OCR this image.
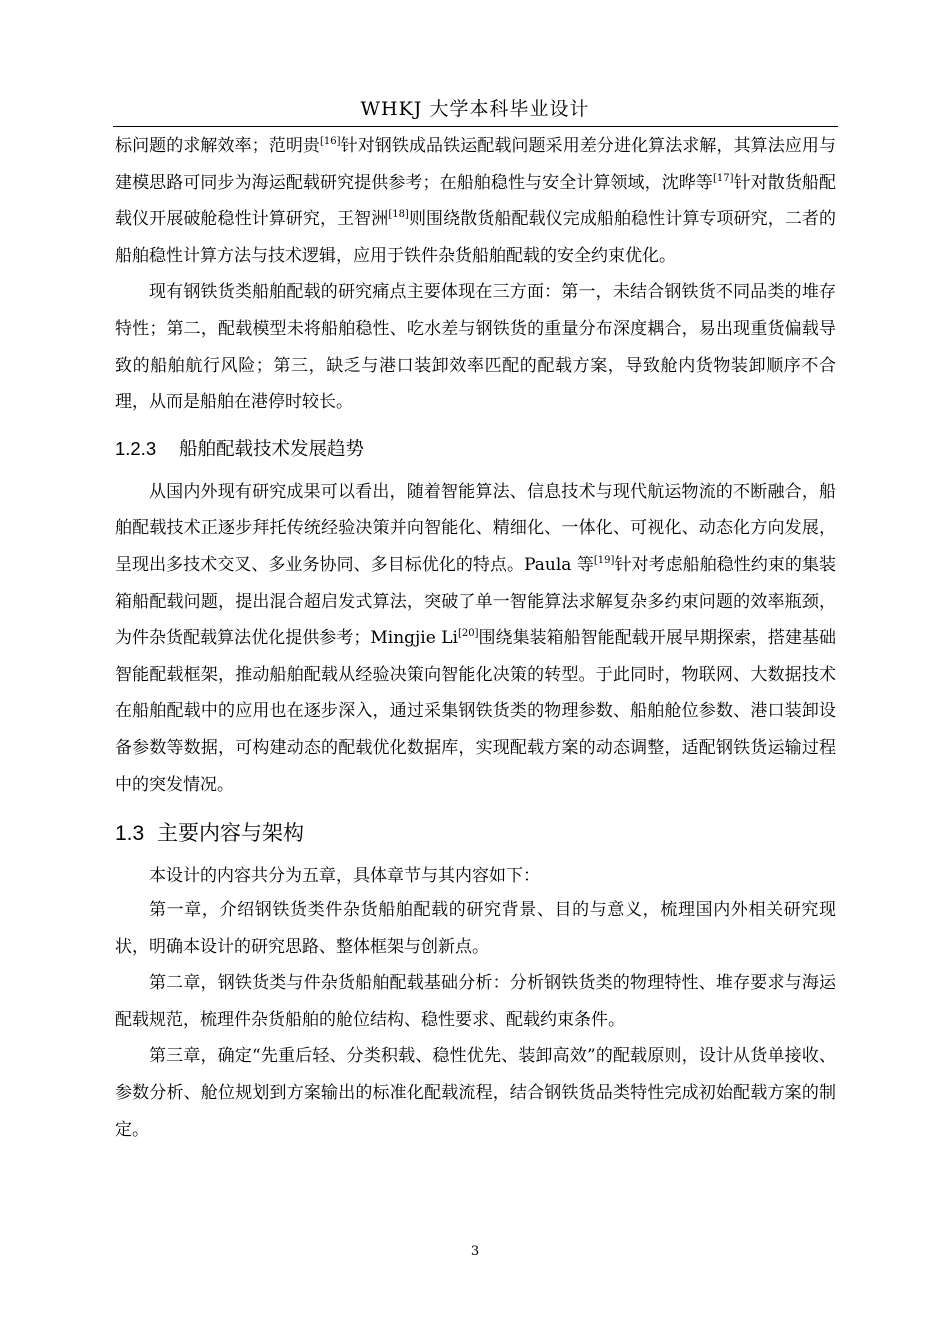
WHKJ 大学本科毕业设计

标问题的求解效率；范明贵[16]针对钢铁成品铁运配载问题采用差分进化算法求解，其算法应用与建模思路可同步为海运配载研究提供参考；在船舶稳性与安全计算领域，沈晔等[17]针对散货船配载仪开展破舱稳性计算研究，王智洲[18]则围绕散货船配载仪完成船舶稳性计算专项研究，二者的船舶稳性计算方法与技术逻辑，应用于铁件杂货船舶配载的安全约束优化。

现有钢铁货类船舶配载的研究痛点主要体现在三方面：第一，未结合钢铁货不同品类的堆存特性；第二，配载模型未将船舶稳性、吃水差与钢铁货的重量分布深度耦合，易出现重货偏载导致的船舶航行风险；第三，缺乏与港口装卸效率匹配的配载方案，导致舱内货物装卸顺序不合理，从而是船舶在港停时较长。

1.2.3 船舶配载技术发展趋势

从国内外现有研究成果可以看出，随着智能算法、信息技术与现代航运物流的不断融合，船舶配载技术正逐步拜托传统经验决策并向智能化、精细化、一体化、可视化、动态化方向发展，呈现出多技术交叉、多业务协同、多目标优化的特点。Paula 等[19]针对考虑船舶稳性约束的集装箱船配载问题，提出混合超启发式算法，突破了单一智能算法求解复杂多约束问题的效率瓶颈，为件杂货配载算法优化提供参考；Mingjie Li[20]围绕集装箱船智能配载开展早期探索，搭建基础智能配载框架，推动船舶配载从经验决策向智能化决策的转型。于此同时，物联网、大数据技术在船舶配载中的应用也在逐步深入，通过采集钢铁货类的物理参数、船舶舱位参数、港口装卸设备参数等数据，可构建动态的配载优化数据库，实现配载方案的动态调整，适配钢铁货运输过程中的突发情况。

1.3 主要内容与架构

本设计的内容共分为五章，具体章节与其内容如下：

第一章，介绍钢铁货类件杂货船舶配载的研究背景、目的与意义，梳理国内外相关研究现状，明确本设计的研究思路、整体框架与创新点。

第二章，钢铁货类与件杂货船舶配载基础分析：分析钢铁货类的物理特性、堆存要求与海运配载规范，梳理件杂货船舶的舱位结构、稳性要求、配载约束条件。

第三章，确定“先重后轻、分类积载、稳性优先、装卸高效”的配载原则，设计从货单接收、参数分析、舱位规划到方案输出的标准化配载流程，结合钢铁货品类特性完成初始配载方案的制定。

3
